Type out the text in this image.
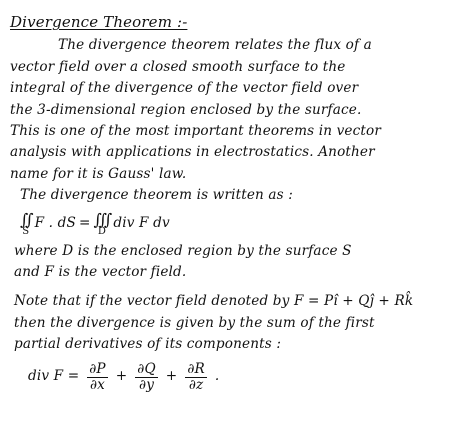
Divergence Theorem :-
The divergence theorem relates the flux of a
vector field over a closed smooth surface to the
integral of the divergence of the vector field over
the 3-dimensional region enclosed by the surface.
This is one of the most important theorems in vector
analysis with applications in electrostatics. Another
name for it is Gauss' law.
The divergence theorem is written as :
∬
S
F . dS = ∭
D
div F dv
where D is the enclosed region by the surface S
and F is the vector field.
Note that if the vector field denoted by F = Pî + Qĵ + Rk̂
then the divergence is given by the sum of the first
partial derivatives of its components :
div $F = \frac{\partial P}{\partial x} + \frac{\partial Q}{\partial y} + \frac{\partial R}{\partial z}$ .
